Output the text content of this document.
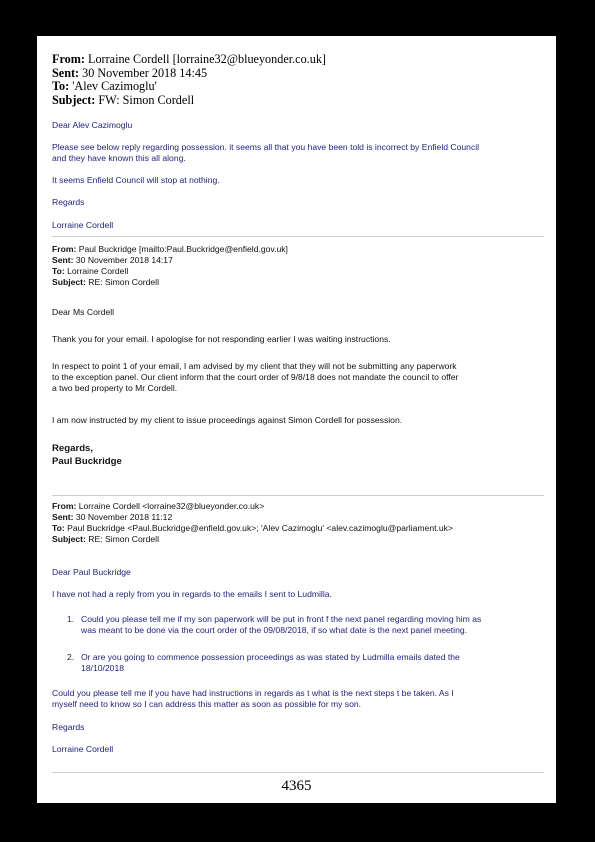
From: Lorraine Cordell [lorraine32@blueyonder.co.uk]
Sent: 30 November 2018 14:45
To: 'Alev Cazimoglu'
Subject: FW: Simon Cordell
Dear Alev Cazimoglu
Please see below reply regarding possession. it seems all that you have been told is incorrect by Enfield Council
and they have known this all along.
It seems Enfield Council will stop at nothing.
Regards
Lorraine Cordell
From: Paul Buckridge [mailto:Paul.Buckridge@enfield.gov.uk]
Sent: 30 November 2018 14:17
To: Lorraine Cordell
Subject: RE: Simon Cordell
Dear Ms Cordell
Thank you for your email. I apologise for not responding earlier I was waiting instructions.
In respect to point 1 of your email, I am advised by my client that they will not be submitting any paperwork
to the exception panel. Our client inform that the court order of 9/8/18 does not mandate the council to offer
a two bed property to Mr Cordell.
I am now instructed by my client to issue proceedings against Simon Cordell for possession.
Regards,
Paul Buckridge
From: Lorraine Cordell <lorraine32@blueyonder.co.uk>
Sent: 30 November 2018 11:12
To: Paul Buckridge <Paul.Buckridge@enfield.gov.uk>; 'Alev Cazimoglu' <alev.cazimoglu@parliament.uk>
Subject: RE: Simon Cordell
Dear Paul Buckridge
I have not had a reply from you in regards to the emails I sent to Ludmilla.
1. Could you please tell me if my son paperwork will be put in front f the next panel regarding moving him as
was meant to be done via the court order of the 09/08/2018, if so what date is the next panel meeting.
2. Or are you going to commence possession proceedings as was stated by Ludmilla emails dated the
18/10/2018
Could you please tell me if you have had instructions in regards as t what is the next steps t be taken. As I
myself need to know so I can address this matter as soon as possible for my son.
Regards
Lorraine Cordell
4365
